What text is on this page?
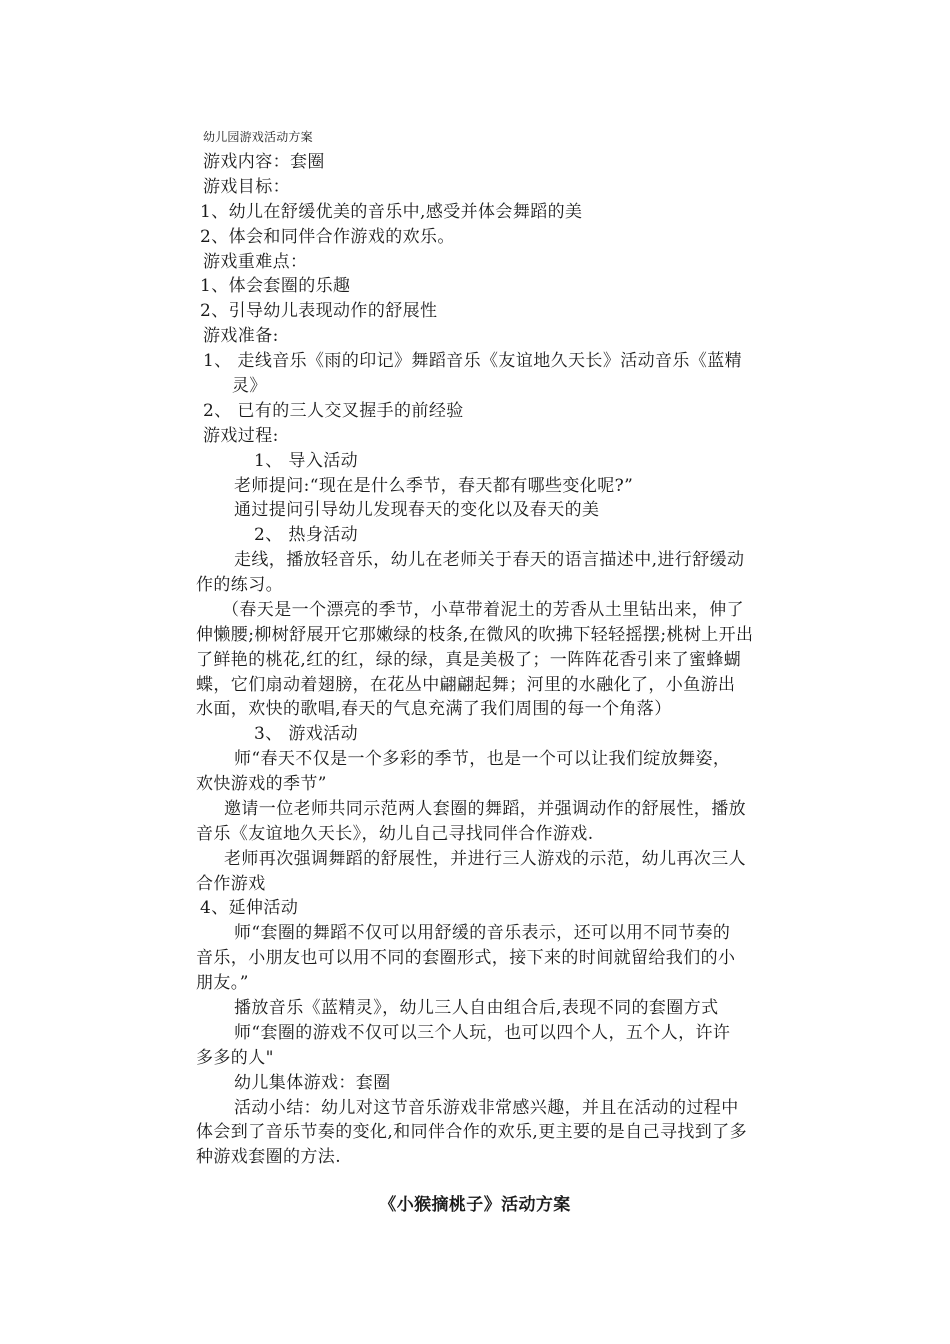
幼儿园游戏活动方案
游戏内容：套圈
游戏目标：
1、幼儿在舒缓优美的音乐中,感受并体会舞蹈的美
2、体会和同伴合作游戏的欢乐。
游戏重难点：
1、体会套圈的乐趣
2、引导幼儿表现动作的舒展性
游戏准备:
1、 走线音乐《雨的印记》舞蹈音乐《友谊地久天长》活动音乐《蓝精
灵》
2、 已有的三人交叉握手的前经验
游戏过程:
1、 导入活动
老师提问:“现在是什么季节，春天都有哪些变化呢?”
通过提问引导幼儿发现春天的变化以及春天的美
2、 热身活动
走线，播放轻音乐，幼儿在老师关于春天的语言描述中,进行舒缓动
作的练习。
（春天是一个漂亮的季节，小草带着泥土的芳香从土里钻出来，伸了
伸懒腰;柳树舒展开它那嫩绿的枝条,在微风的吹拂下轻轻摇摆;桃树上开出
了鲜艳的桃花,红的红，绿的绿，真是美极了；一阵阵花香引来了蜜蜂蝴
蝶，它们扇动着翅膀，在花丛中翩翩起舞；河里的水融化了，小鱼游出
水面，欢快的歌唱,春天的气息充满了我们周围的每一个角落）
3、 游戏活动
师“春天不仅是一个多彩的季节，也是一个可以让我们绽放舞姿，
欢快游戏的季节”
邀请一位老师共同示范两人套圈的舞蹈，并强调动作的舒展性，播放
音乐《友谊地久天长》，幼儿自己寻找同伴合作游戏.
老师再次强调舞蹈的舒展性，并进行三人游戏的示范，幼儿再次三人
合作游戏
4、延伸活动
师“套圈的舞蹈不仅可以用舒缓的音乐表示，还可以用不同节奏的
音乐，小朋友也可以用不同的套圈形式，接下来的时间就留给我们的小
朋友。”
播放音乐《蓝精灵》，幼儿三人自由组合后,表现不同的套圈方式
师“套圈的游戏不仅可以三个人玩，也可以四个人，五个人，许许
多多的人"
幼儿集体游戏：套圈
活动小结：幼儿对这节音乐游戏非常感兴趣，并且在活动的过程中
体会到了音乐节奏的变化,和同伴合作的欢乐,更主要的是自己寻找到了多
种游戏套圈的方法.
《小猴摘桃子》活动方案
